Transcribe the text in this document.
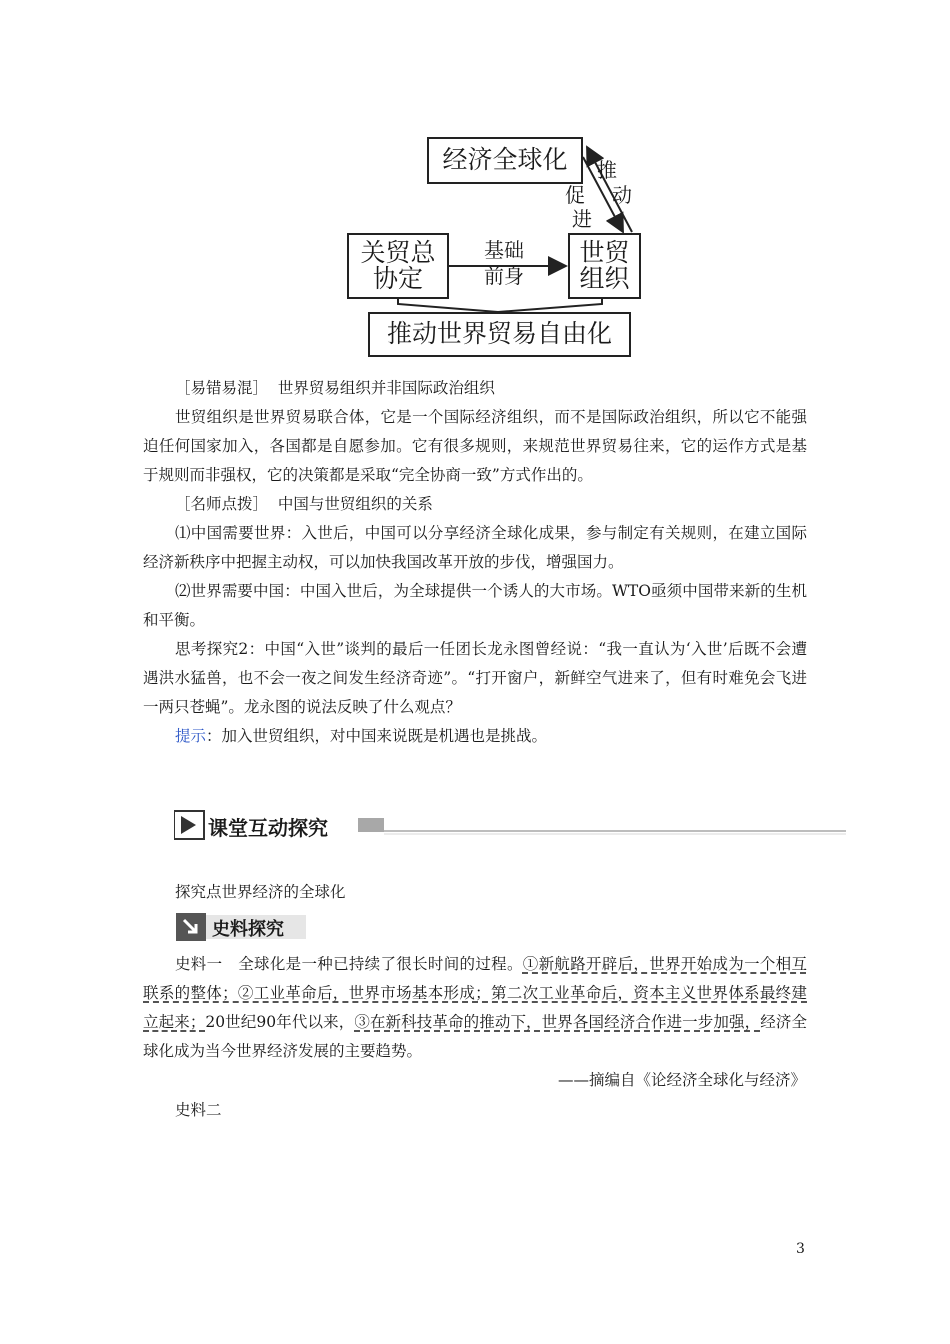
经济全球化
关贸总
协定
世贸
组织
推动世界贸易自由化
基础
前身
推
动
促
进
［易错易混］ 世界贸易组织并非国际政治组织
世贸组织是世界贸易联合体，它是一个国际经济组织，而不是国际政治组织，所以它不能强迫任何国家加入，各国都是自愿参加。它有很多规则，来规范世界贸易往来，它的运作方式是基于规则而非强权，它的决策都是采取“完全协商一致”方式作出的。
［名师点拨］ 中国与世贸组织的关系
⑴中国需要世界：入世后，中国可以分享经济全球化成果，参与制定有关规则，在建立国际经济新秩序中把握主动权，可以加快我国改革开放的步伐，增强国力。
⑵世界需要中国：中国入世后，为全球提供一个诱人的大市场。WTO亟须中国带来新的生机和平衡。
思考探究2：中国“入世”谈判的最后一任团长龙永图曾经说：“我一直认为‘入世’后既不会遭遇洪水猛兽，也不会一夜之间发生经济奇迹”。“打开窗户，新鲜空气进来了，但有时难免会飞进一两只苍蝇”。龙永图的说法反映了什么观点？
提示：加入世贸组织，对中国来说既是机遇也是挑战。
课堂互动探究
探究点世界经济的全球化
史料探究
史料一　全球化是一种已持续了很长时间的过程。①新航路开辟后，世界开始成为一个相互联系的整体；②工业革命后，世界市场基本形成；第二次工业革命后，资本主义世界体系最终建立起来；20世纪90年代以来，③在新科技革命的推动下，世界各国经济合作进一步加强，经济全球化成为当今世界经济发展的主要趋势。
——摘编自《论经济全球化与经济》
史料二
3
